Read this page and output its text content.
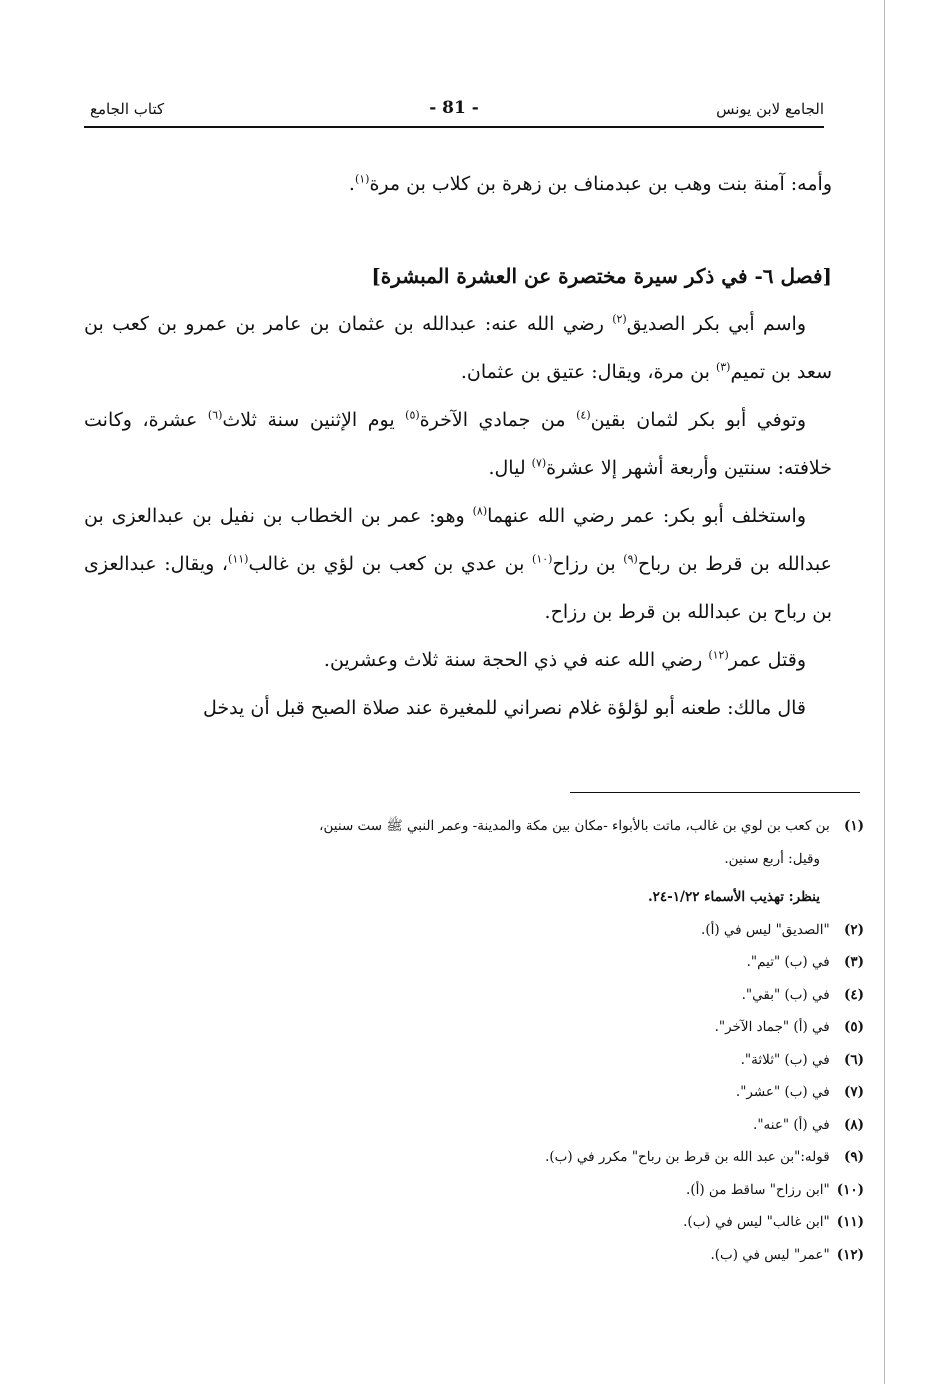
الجامع لابن يونس
- 81 -
كتاب الجامع

وأمه: آمنة بنت وهب بن عبدمناف بن زهرة بن كلاب بن مرة$^{(١)}$.

[فصل ٦- في ذكر سيرة مختصرة عن العشرة المبشرة]

واسم أبي بكر الصديق$^{(٢)}$ رضي الله عنه: عبدالله بن عثمان بن عامر بن عمرو بن كعب بن سعد بن تميم$^{(٣)}$ بن مرة، ويقال: عتيق بن عثمان.

وتوفي أبو بكر لثمان بقين$^{(٤)}$ من جمادي الآخرة$^{(٥)}$ يوم الإثنين سنة ثلاث$^{(٦)}$ عشرة، وكانت خلافته: سنتين وأربعة أشهر إلا عشرة$^{(٧)}$ ليال.

واستخلف أبو بكر: عمر رضي الله عنهما$^{(٨)}$ وهو: عمر بن الخطاب بن نفيل بن عبدالعزى بن عبدالله بن قرط بن رباح$^{(٩)}$ بن رزاح$^{(١٠)}$ بن عدي بن كعب بن لؤي بن غالب$^{(١١)}$، ويقال: عبدالعزى بن رباح بن عبدالله بن قرط بن رزاح.

وقتل عمر$^{(١٢)}$ رضي الله عنه في ذي الحجة سنة ثلاث وعشرين.

قال مالك: طعنه أبو لؤلؤة غلام نصراني للمغيرة عند صلاة الصبح قبل أن يدخل

(١) بن كعب بن لوي بن غالب، ماتت بالأبواء -مكان بين مكة والمدينة- وعمر النبي ﷺ ست سنين،

وقيل: أربع سنين.

ينظر: تهذيب الأسماء ١/٢٢-٢٤.

(٢) "الصديق" ليس في (أ).

(٣) في (ب) "تيم".

(٤) في (ب) "بقي".

(٥) في (أ) "جماد الآخر".

(٦) في (ب) "ثلاثة".

(٧) في (ب) "عشر".

(٨) في (أ) "عنه".

(٩) قوله:"بن عبد الله بن قرط بن رباح" مكرر في (ب).

(١٠) "ابن رزاح" ساقط من (أ).

(١١) "ابن غالب" ليس في (ب).

(١٢) "عمر" ليس في (ب).
